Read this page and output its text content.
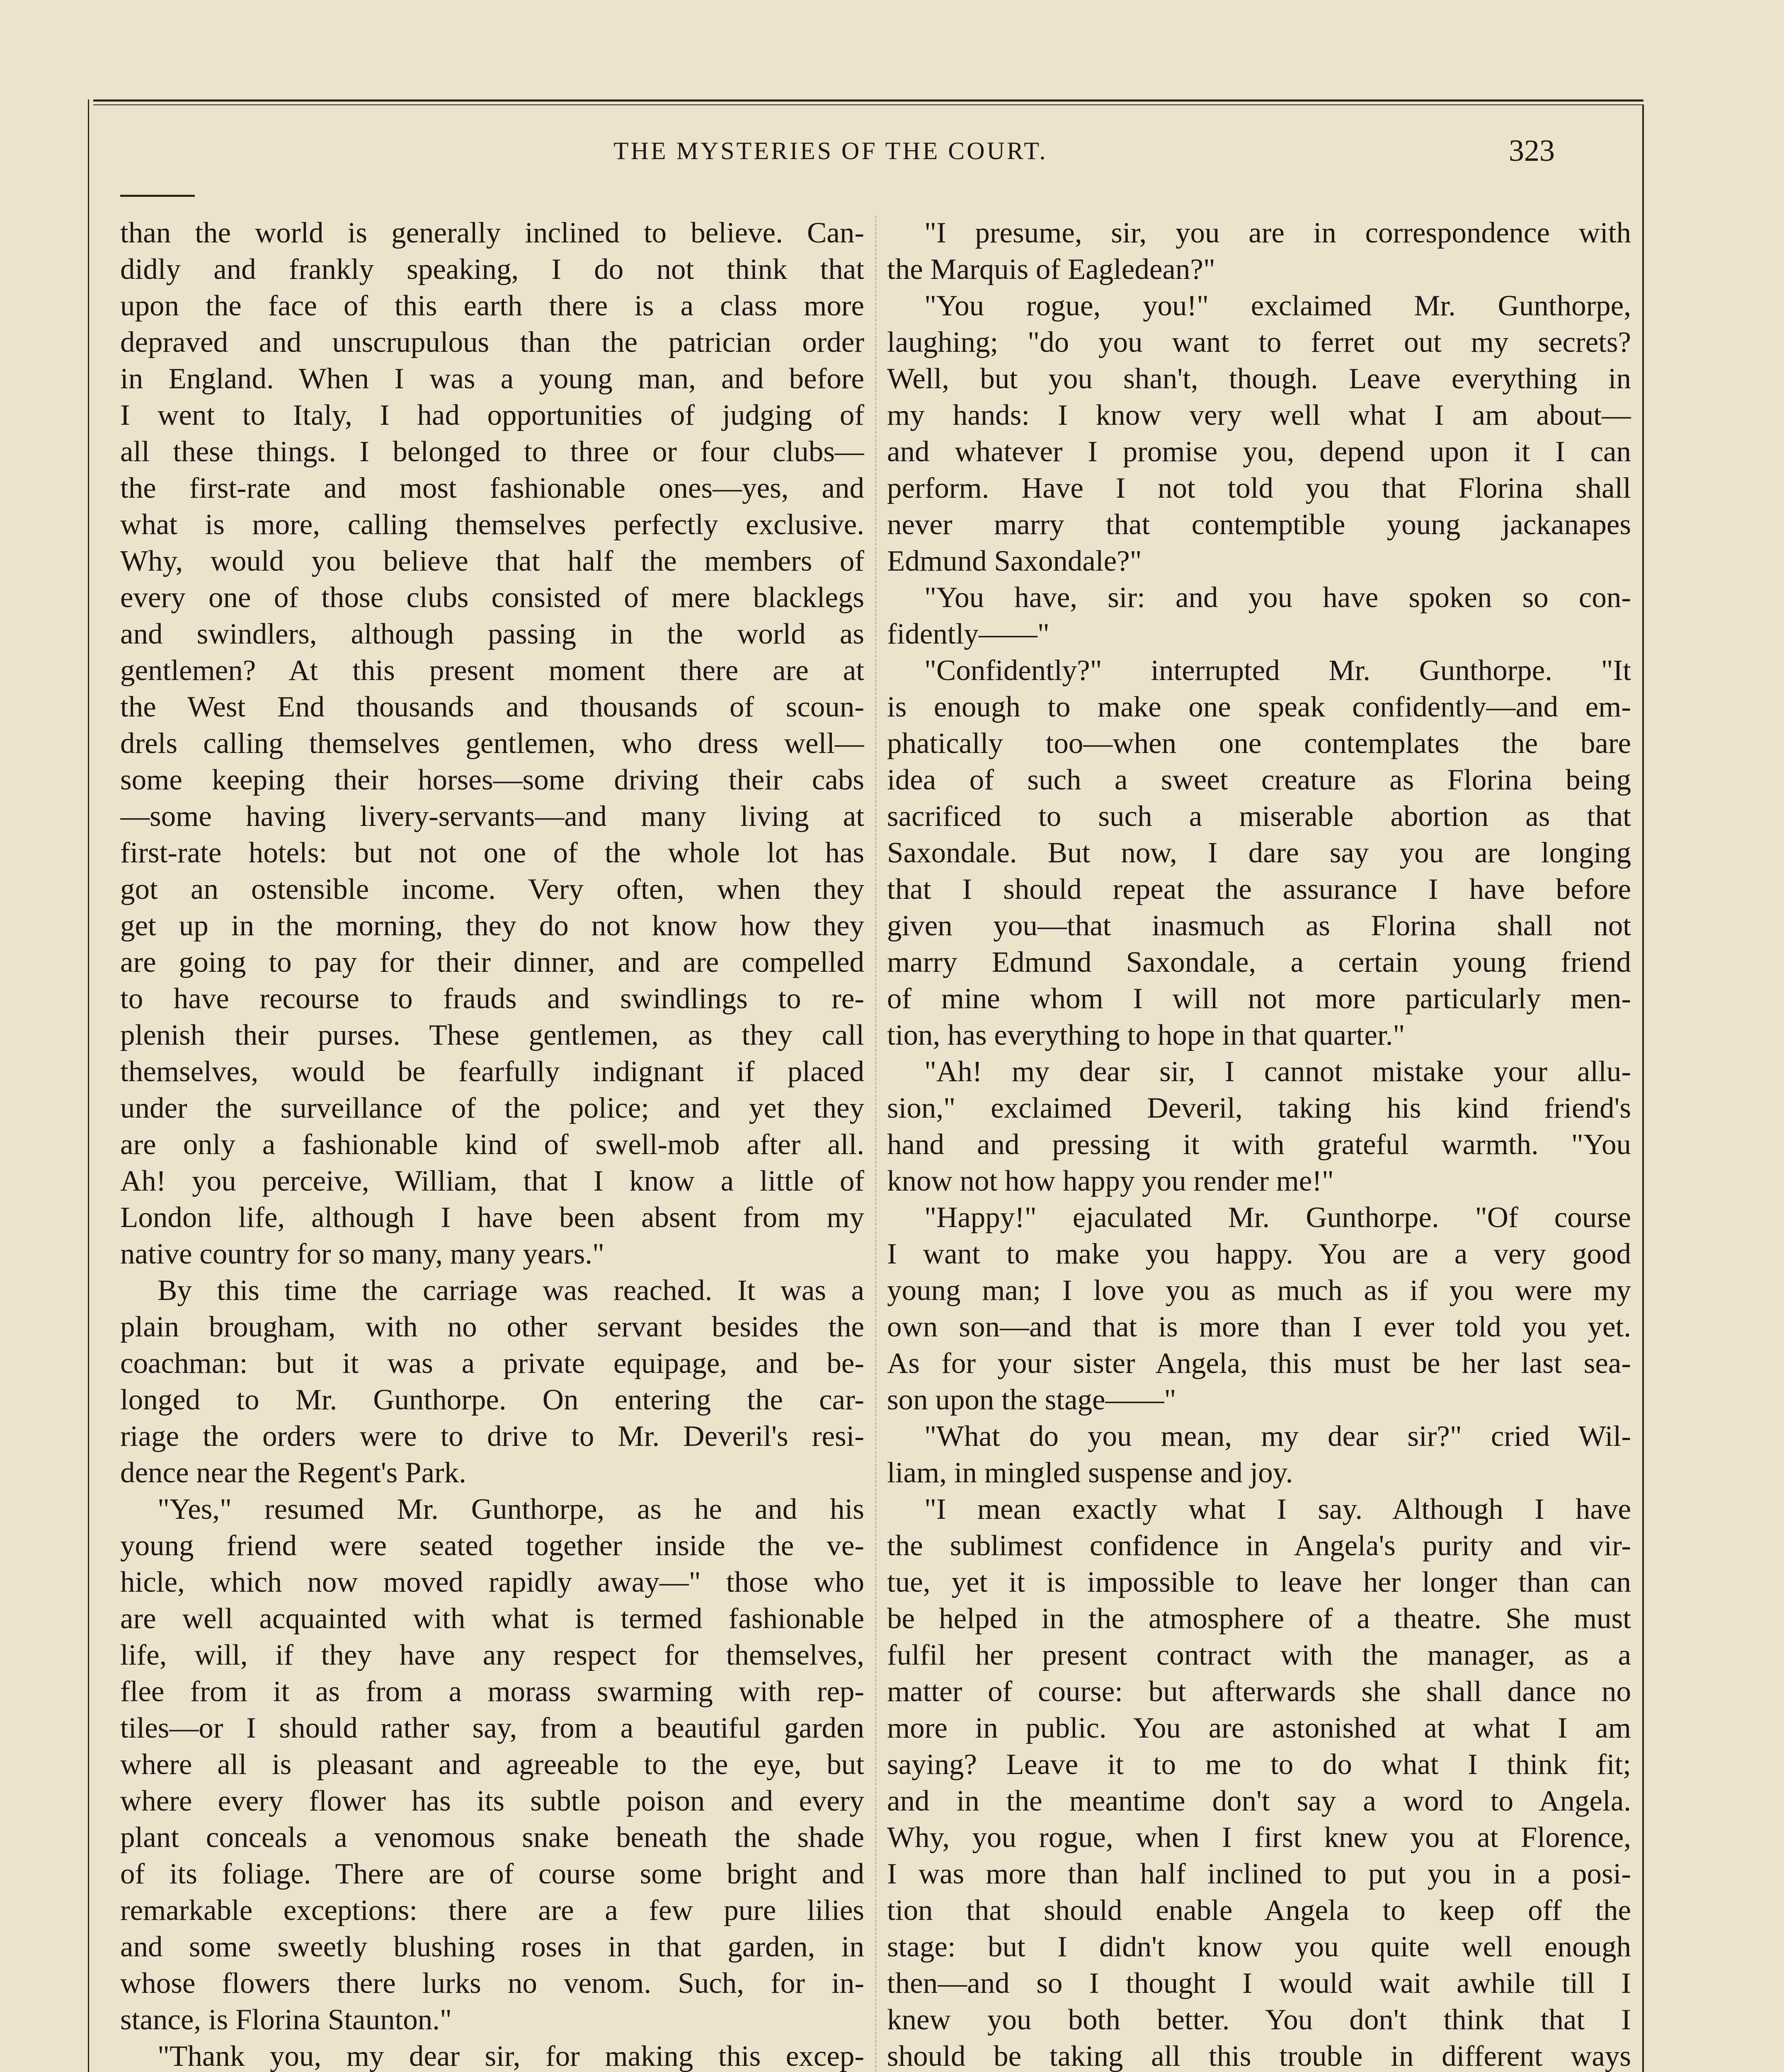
THE MYSTERIES OF THE COURT.	323
than the world is generally inclined to believe. Can-
didly and frankly speaking, I do not think that
upon the face of this earth there is a class more
depraved and unscrupulous than the patrician order
in England. When I was a young man, and before
I went to Italy, I had opportunities of judging of
all these things. I belonged to three or four clubs—
the first-rate and most fashionable ones—yes, and
what is more, calling themselves perfectly exclusive.
Why, would you believe that half the members of
every one of those clubs consisted of mere blacklegs
and swindlers, although passing in the world as
gentlemen? At this present moment there are at
the West End thousands and thousands of scoun-
drels calling themselves gentlemen, who dress well—
some keeping their horses—some driving their cabs
—some having livery-servants—and many living at
first-rate hotels: but not one of the whole lot has
got an ostensible income. Very often, when they
get up in the morning, they do not know how they
are going to pay for their dinner, and are compelled
to have recourse to frauds and swindlings to re-
plenish their purses. These gentlemen, as they call
themselves, would be fearfully indignant if placed
under the surveillance of the police; and yet they
are only a fashionable kind of swell-mob after all.
Ah! you perceive, William, that I know a little of
London life, although I have been absent from my
native country for so many, many years."
By this time the carriage was reached. It was a
plain brougham, with no other servant besides the
coachman: but it was a private equipage, and be-
longed to Mr. Gunthorpe. On entering the car-
riage the orders were to drive to Mr. Deveril's resi-
dence near the Regent's Park.
"Yes," resumed Mr. Gunthorpe, as he and his
young friend were seated together inside the ve-
hicle, which now moved rapidly away—" those who
are well acquainted with what is termed fashionable
life, will, if they have any respect for themselves,
flee from it as from a morass swarming with rep-
tiles—or I should rather say, from a beautiful garden
where all is pleasant and agreeable to the eye, but
where every flower has its subtle poison and every
plant conceals a venomous snake beneath the shade
of its foliage. There are of course some bright and
remarkable exceptions: there are a few pure lilies
and some sweetly blushing roses in that garden, in
whose flowers there lurks no venom. Such, for in-
stance, is Florina Staunton."
"Thank you, my dear sir, for making this excep-
"I presume, sir, you are in correspondence with
the Marquis of Eagledean?"
"You rogue, you!" exclaimed Mr. Gunthorpe,
laughing; "do you want to ferret out my secrets?
Well, but you shan't, though. Leave everything in
my hands: I know very well what I am about—
and whatever I promise you, depend upon it I can
perform. Have I not told you that Florina shall
never marry that contemptible young jackanapes
Edmund Saxondale?"
"You have, sir: and you have spoken so con-
fidently——"
"Confidently?" interrupted Mr. Gunthorpe. "It
is enough to make one speak confidently—and em-
phatically too—when one contemplates the bare
idea of such a sweet creature as Florina being
sacrificed to such a miserable abortion as that
Saxondale. But now, I dare say you are longing
that I should repeat the assurance I have before
given you—that inasmuch as Florina shall not
marry Edmund Saxondale, a certain young friend
of mine whom I will not more particularly men-
tion, has everything to hope in that quarter."
"Ah! my dear sir, I cannot mistake your allu-
sion," exclaimed Deveril, taking his kind friend's
hand and pressing it with grateful warmth. "You
know not how happy you render me!"
"Happy!" ejaculated Mr. Gunthorpe. "Of course
I want to make you happy. You are a very good
young man; I love you as much as if you were my
own son—and that is more than I ever told you yet.
As for your sister Angela, this must be her last sea-
son upon the stage——"
"What do you mean, my dear sir?" cried Wil-
liam, in mingled suspense and joy.
"I mean exactly what I say. Although I have
the sublimest confidence in Angela's purity and vir-
tue, yet it is impossible to leave her longer than can
be helped in the atmosphere of a theatre. She must
fulfil her present contract with the manager, as a
matter of course: but afterwards she shall dance no
more in public. You are astonished at what I am
saying? Leave it to me to do what I think fit;
and in the meantime don't say a word to Angela.
Why, you rogue, when I first knew you at Florence,
I was more than half inclined to put you in a posi-
tion that should enable Angela to keep off the
stage: but I didn't know you quite well enough
then—and so I thought I would wait awhile till I
knew you both better. You don't think that I
should be taking all this trouble in different ways
